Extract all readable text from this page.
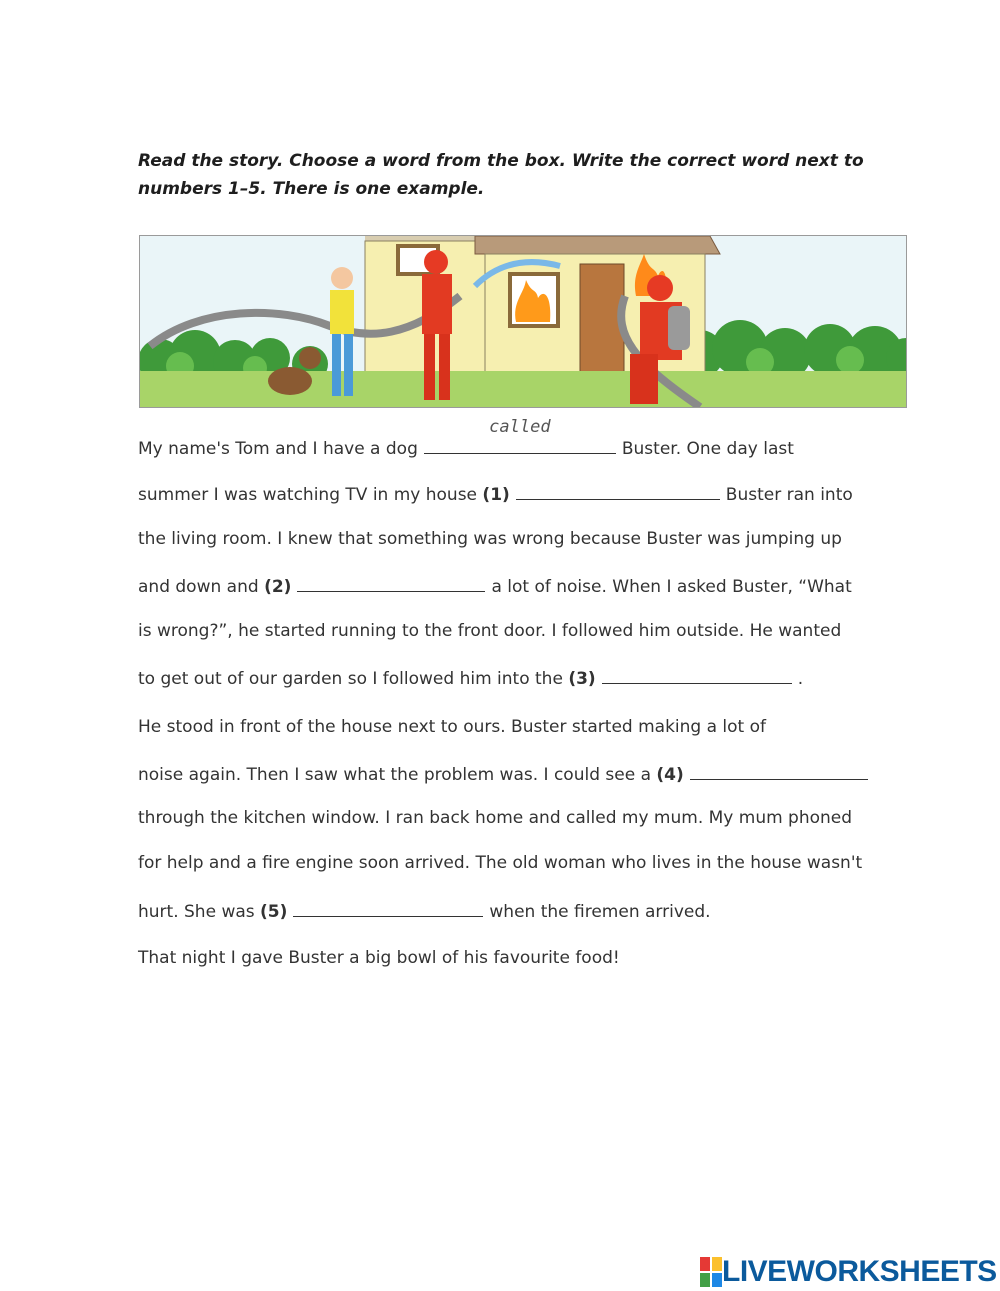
Read the story. Choose a word from the box. Write the correct word next to numbers 1–5. There is one example.
My name's Tom and I have a dog
called
Buster. One day last
summer I was watching TV in my house (1)	Buster ran into
the living room. I knew that something was wrong because Buster was jumping up
and down and (2)	a lot of noise. When I asked Buster, “What
is wrong?”, he started running to the front door. I followed him outside. He wanted
to get out of our garden so I followed him into the (3)	.
He stood in front of the house next to ours. Buster started making a lot of
noise again. Then I saw what the problem was. I could see a (4)
through the kitchen window. I ran back home and called my mum. My mum phoned
for help and a fire engine soon arrived. The old woman who lives in the house wasn't
hurt. She was (5)	when the firemen arrived.
That night I gave Buster a big bowl of his favourite food!
LIVEWORKSHEETS
